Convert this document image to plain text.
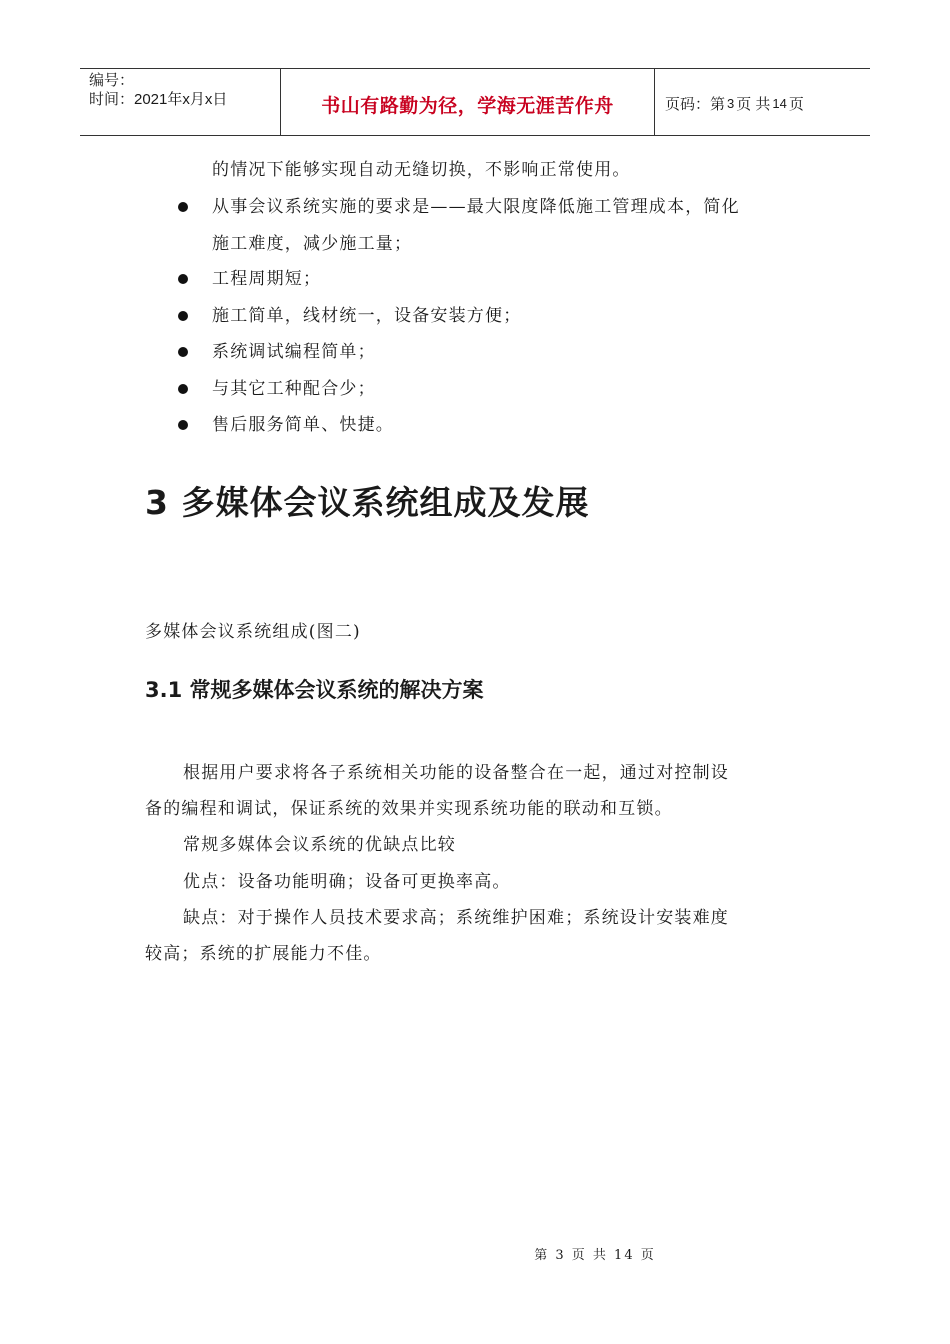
编号：
时间：2021年x月x日	书山有路勤为径，学海无涯苦作舟	页码：第 3 页 共 14 页
的情况下能够实现自动无缝切换，不影响正常使用。
从事会议系统实施的要求是——最大限度降低施工管理成本，简化
施工难度，减少施工量；
工程周期短；
施工简单，线材统一，设备安装方便；
系统调试编程简单；
与其它工种配合少；
售后服务简单、快捷。
3 多媒体会议系统组成及发展
多媒体会议系统组成(图二)
3.1 常规多媒体会议系统的解决方案
根据用户要求将各子系统相关功能的设备整合在一起，通过对控制设
备的编程和调试，保证系统的效果并实现系统功能的联动和互锁。
常规多媒体会议系统的优缺点比较
优点：设备功能明确；设备可更换率高。
缺点：对于操作人员技术要求高；系统维护困难；系统设计安装难度
较高；系统的扩展能力不佳。
第 3 页 共 14 页
